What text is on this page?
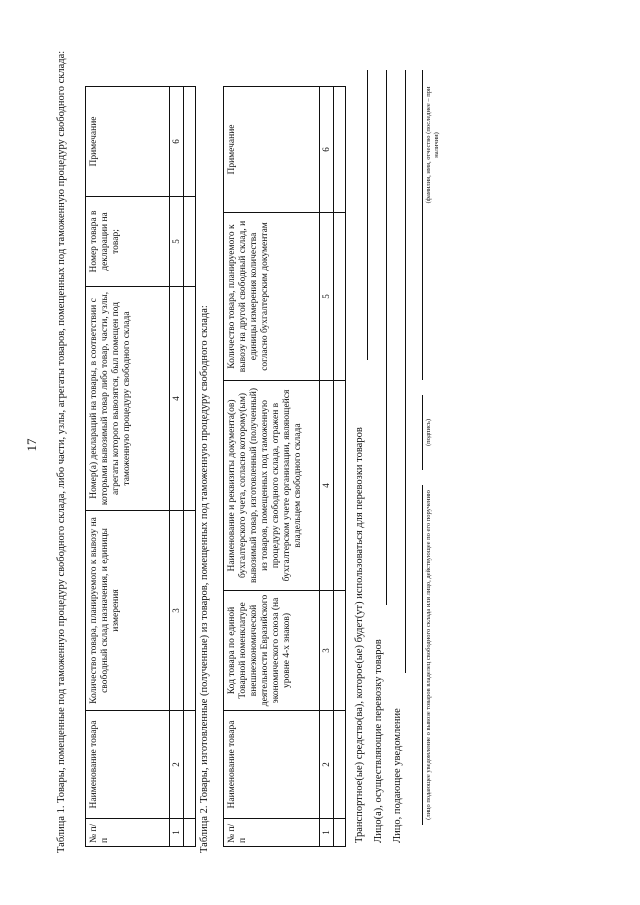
17 Таблица 1. Товары, помещенные под таможенную процедуру свободного склада, либо части, узлы, агрегаты товаров, помещенных под таможенную процедуру свободного склада: № п/п	Наименование товара	Количество товара, планируемого к вывозу на свободный склад назначения, и единицы измерения	Номер(а) деклараций на товары, в соответствии с которыми вывозимый товар либо товар, части, узлы, агрегаты которого вывозятся, был помещен под таможенную процедуру свободного склада	Номер товара в декларации на товар;	Примечание
1	2	3	4	5	6

Таблица 2. Товары, изготовленные (полученные) из товаров, помещенных под таможенную процедуру свободного склада: № п/п	Наименование товара	Код товара по единой Товарной номенклатуре внешнеэкономической деятельности Евразийского экономического союза (на уровне 4-х знаков)	Наименование и реквизиты документа(ов) бухгалтерского учета, согласно которому(ым) вывозимый товар, изготовленный (полученный) из товаров, помещенных под таможенную процедуру свободного склада, отражен в бухгалтерском учете организации, являющейся владельцем свободного склада	Количество товара, планируемого к вывозу на другой свободный склад, и единицы измерения количества согласно бухгалтерским документам	Примечание
1	2	3	4	5	6

Транспортное(ые) средство(ва), которое(ые) будет(ут) использоваться для перевозки товаров Лицо(а), осуществляющие перевозку товаров Лицо, подающее уведомление	(лицо подающее уведомление о вывозе товаров владелец свободного склада или лицо, действующее по его поручению
(подпись)
(фамилия, имя, отчество (последнее – при наличии)
